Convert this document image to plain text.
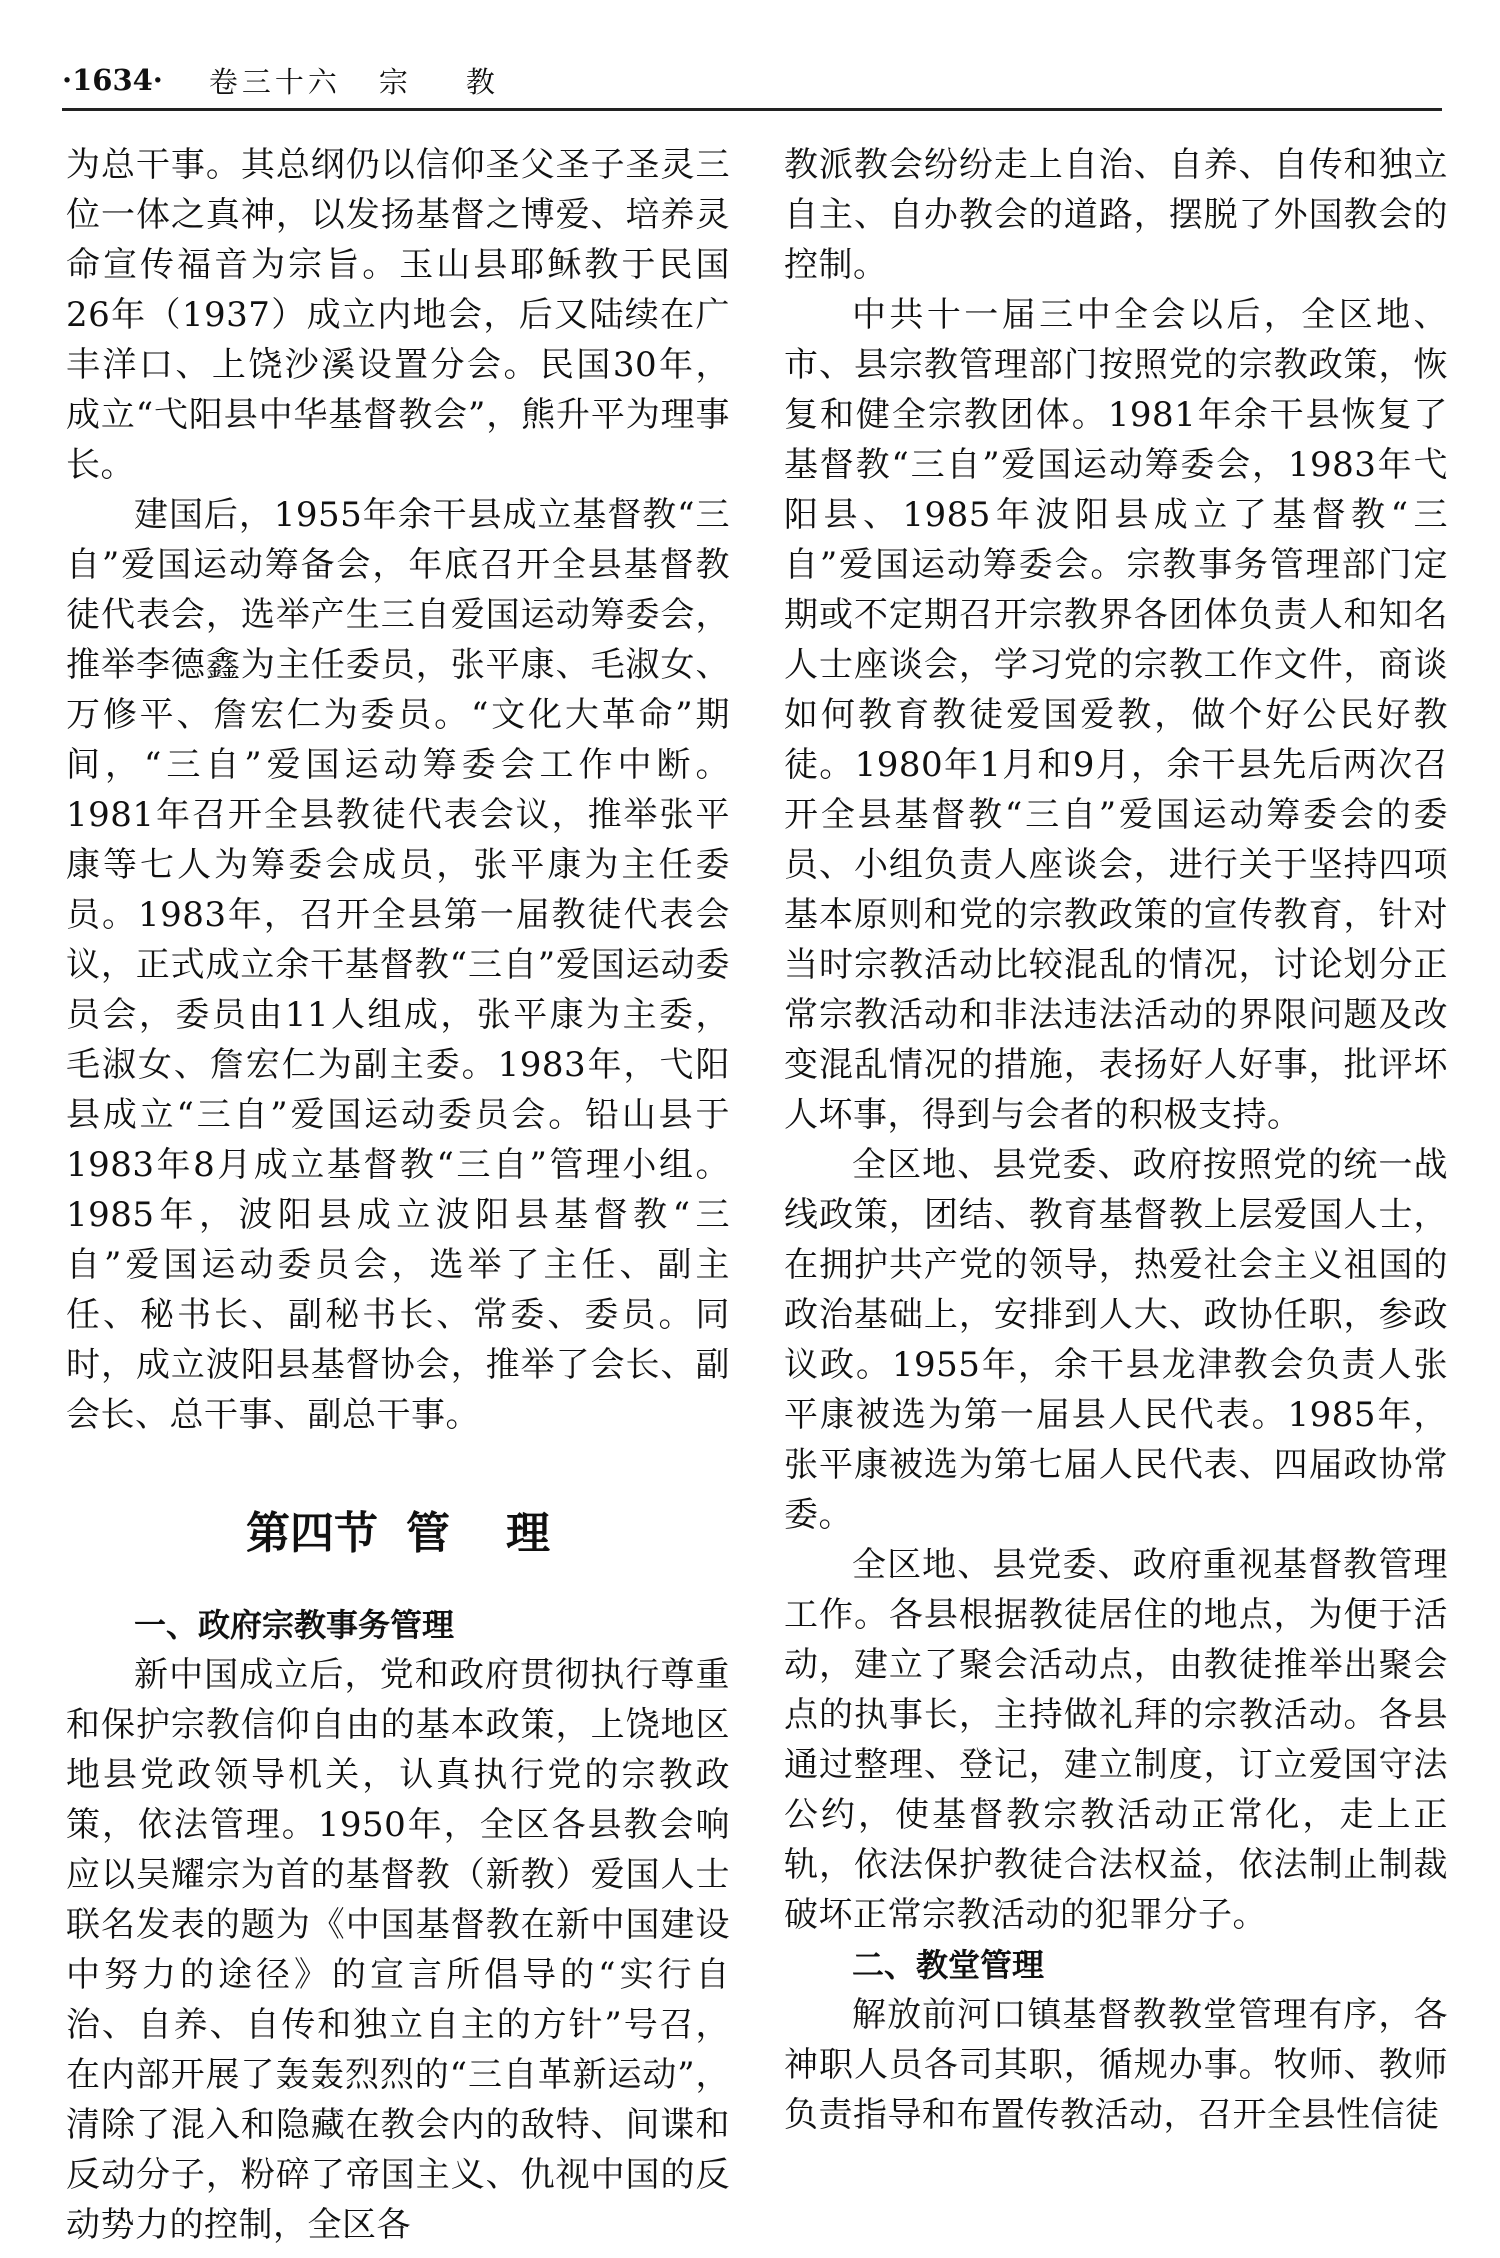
·1634· 卷三十六 宗教

为总干事。其总纲仍以信仰圣父圣子圣灵三位一体之真神，以发扬基督之博爱、培养灵命宣传福音为宗旨。玉山县耶稣教于民国26年（1937）成立内地会，后又陆续在广丰洋口、上饶沙溪设置分会。民国30年，成立“弋阳县中华基督教会”，熊升平为理事长。

建国后，1955年余干县成立基督教“三自”爱国运动筹备会，年底召开全县基督教徒代表会，选举产生三自爱国运动筹委会，推举李德鑫为主任委员，张平康、毛淑女、万修平、詹宏仁为委员。“文化大革命”期间，“三自”爱国运动筹委会工作中断。1981年召开全县教徒代表会议，推举张平康等七人为筹委会成员，张平康为主任委员。1983年，召开全县第一届教徒代表会议，正式成立余干基督教“三自”爱国运动委员会，委员由11人组成，张平康为主委，毛淑女、詹宏仁为副主委。1983年，弋阳县成立“三自”爱国运动委员会。铅山县于1983年8月成立基督教“三自”管理小组。1985年，波阳县成立波阳县基督教“三自”爱国运动委员会，选举了主任、副主任、秘书长、副秘书长、常委、委员。同时，成立波阳县基督协会，推举了会长、副会长、总干事、副总干事。

第四节 管 理

一、政府宗教事务管理

新中国成立后，党和政府贯彻执行尊重和保护宗教信仰自由的基本政策，上饶地区地县党政领导机关，认真执行党的宗教政策，依法管理。1950年，全区各县教会响应以吴耀宗为首的基督教（新教）爱国人士联名发表的题为《中国基督教在新中国建设中努力的途径》的宣言所倡导的“实行自治、自养、自传和独立自主的方针”号召，在内部开展了轰轰烈烈的“三自革新运动”，清除了混入和隐藏在教会内的敌特、间谍和反动分子，粉碎了帝国主义、仇视中国的反动势力的控制，全区各

教派教会纷纷走上自治、自养、自传和独立自主、自办教会的道路，摆脱了外国教会的控制。

中共十一届三中全会以后，全区地、市、县宗教管理部门按照党的宗教政策，恢复和健全宗教团体。1981年余干县恢复了基督教“三自”爱国运动筹委会，1983年弋阳县、1985年波阳县成立了基督教“三自”爱国运动筹委会。宗教事务管理部门定期或不定期召开宗教界各团体负责人和知名人士座谈会，学习党的宗教工作文件，商谈如何教育教徒爱国爱教，做个好公民好教徒。1980年1月和9月，余干县先后两次召开全县基督教“三自”爱国运动筹委会的委员、小组负责人座谈会，进行关于坚持四项基本原则和党的宗教政策的宣传教育，针对当时宗教活动比较混乱的情况，讨论划分正常宗教活动和非法违法活动的界限问题及改变混乱情况的措施，表扬好人好事，批评坏人坏事，得到与会者的积极支持。

全区地、县党委、政府按照党的统一战线政策，团结、教育基督教上层爱国人士，在拥护共产党的领导，热爱社会主义祖国的政治基础上，安排到人大、政协任职，参政议政。1955年，余干县龙津教会负责人张平康被选为第一届县人民代表。1985年，张平康被选为第七届人民代表、四届政协常委。

全区地、县党委、政府重视基督教管理工作。各县根据教徒居住的地点，为便于活动，建立了聚会活动点，由教徒推举出聚会点的执事长，主持做礼拜的宗教活动。各县通过整理、登记，建立制度，订立爱国守法公约，使基督教宗教活动正常化，走上正轨，依法保护教徒合法权益，依法制止制裁破坏正常宗教活动的犯罪分子。

二、教堂管理

解放前河口镇基督教教堂管理有序，各神职人员各司其职，循规办事。牧师、教师负责指导和布置传教活动，召开全县性信徒
